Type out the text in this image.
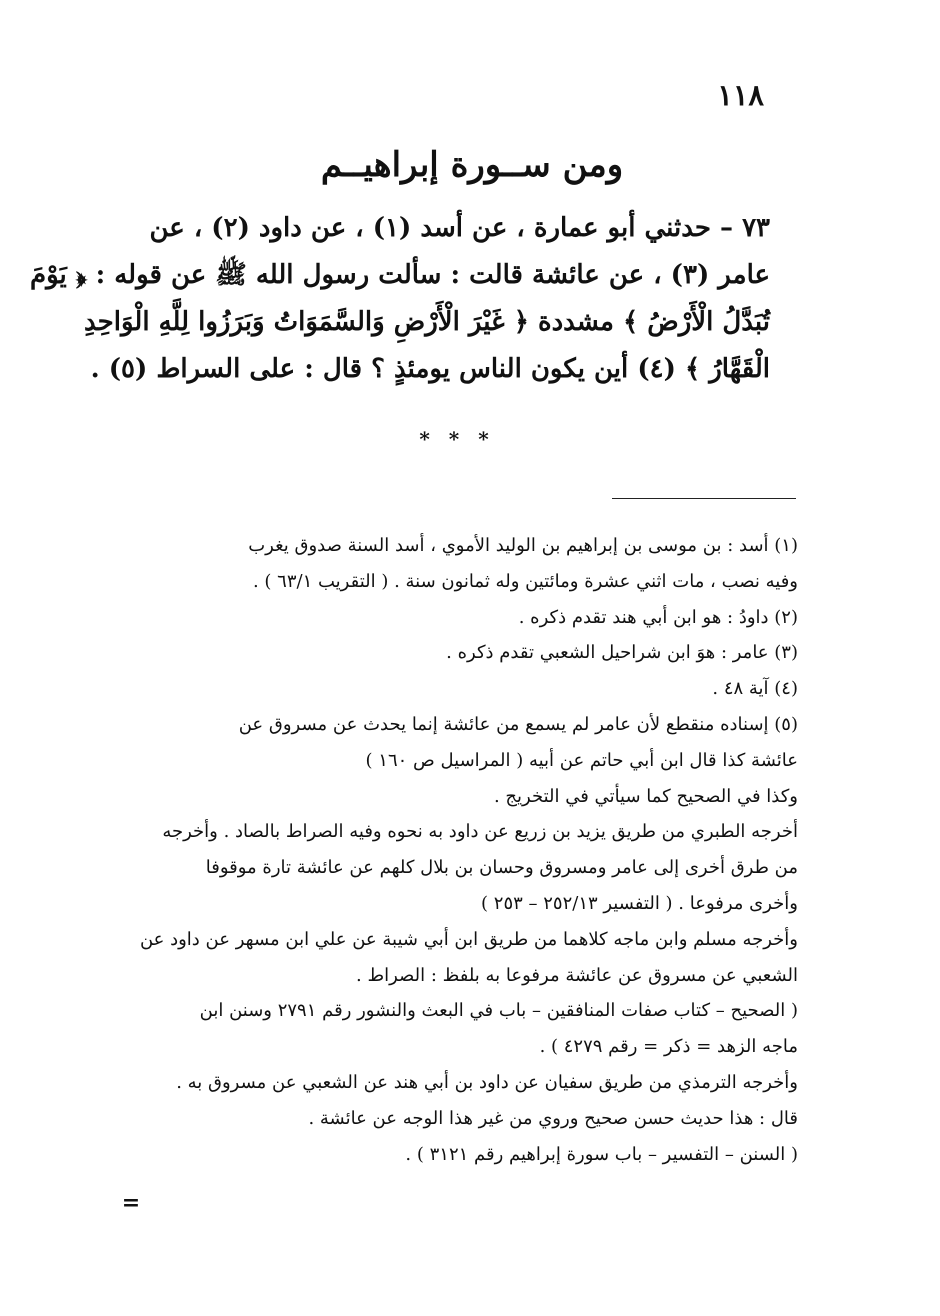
١١٨
ومن ســورة إبراهيــم
٧٣ – حدثني أبو عمارة ، عن أسد (١) ، عن داود (٢) ، عن
عامر (٣) ، عن عائشة قالت : سألت رسول الله ﷺ عن قوله : ﴿ يَوْمَ
تُبَدَّلُ الْأَرْضُ ﴾ مشددة ﴿ غَيْرَ الْأَرْضِ وَالسَّمَوَاتُ وَبَرَزُوا لِلَّهِ الْوَاحِدِ
الْقَهَّارُ ﴾ (٤) أين يكون الناس يومئذٍ ؟ قال : على السراط (٥) .
* * *
(١) أسد : بن موسى بن إبراهيم بن الوليد الأموي ، أسد السنة صدوق يغرب
وفيه نصب ، مات اثني عشرة ومائتين وله ثمانون سنة . ( التقريب ٦٣/١ ) .
(٢) داودُ : هو ابن أبي هند تقدم ذكره .
(٣) عامر : هوَ ابن شراحيل الشعبي تقدم ذكره .
(٤) آية ٤٨ .
(٥) إسناده منقطع لأن عامر لم يسمع من عائشة إنما يحدث عن مسروق عن
عائشة كذا قال ابن أبي حاتم عن أبيه ( المراسيل ص ١٦٠ )
وكذا في الصحيح كما سيأتي في التخريج .
أخرجه الطبري من طريق يزيد بن زريع عن داود به نحوه وفيه الصراط بالصاد . وأخرجه
من طرق أخرى إلى عامر ومسروق وحسان بن بلال كلهم عن عائشة تارة موقوفا
وأخرى مرفوعا . ( التفسير ٢٥٢/١٣ – ٢٥٣ )
وأخرجه مسلم وابن ماجه كلاهما من طريق ابن أبي شيبة عن علي ابن مسهر عن داود عن
الشعبي عن مسروق عن عائشة مرفوعا به بلفظ : الصراط .
( الصحيح – كتاب صفات المنافقين – باب في البعث والنشور رقم ٢٧٩١ وسنن ابن
ماجه الزهد = ذكر = رقم ٤٢٧٩ ) .
وأخرجه الترمذي من طريق سفيان عن داود بن أبي هند عن الشعبي عن مسروق به .
قال : هذا حديث حسن صحيح وروي من غير هذا الوجه عن عائشة .
( السنن – التفسير – باب سورة إبراهيم رقم ٣١٢١ ) .
=
